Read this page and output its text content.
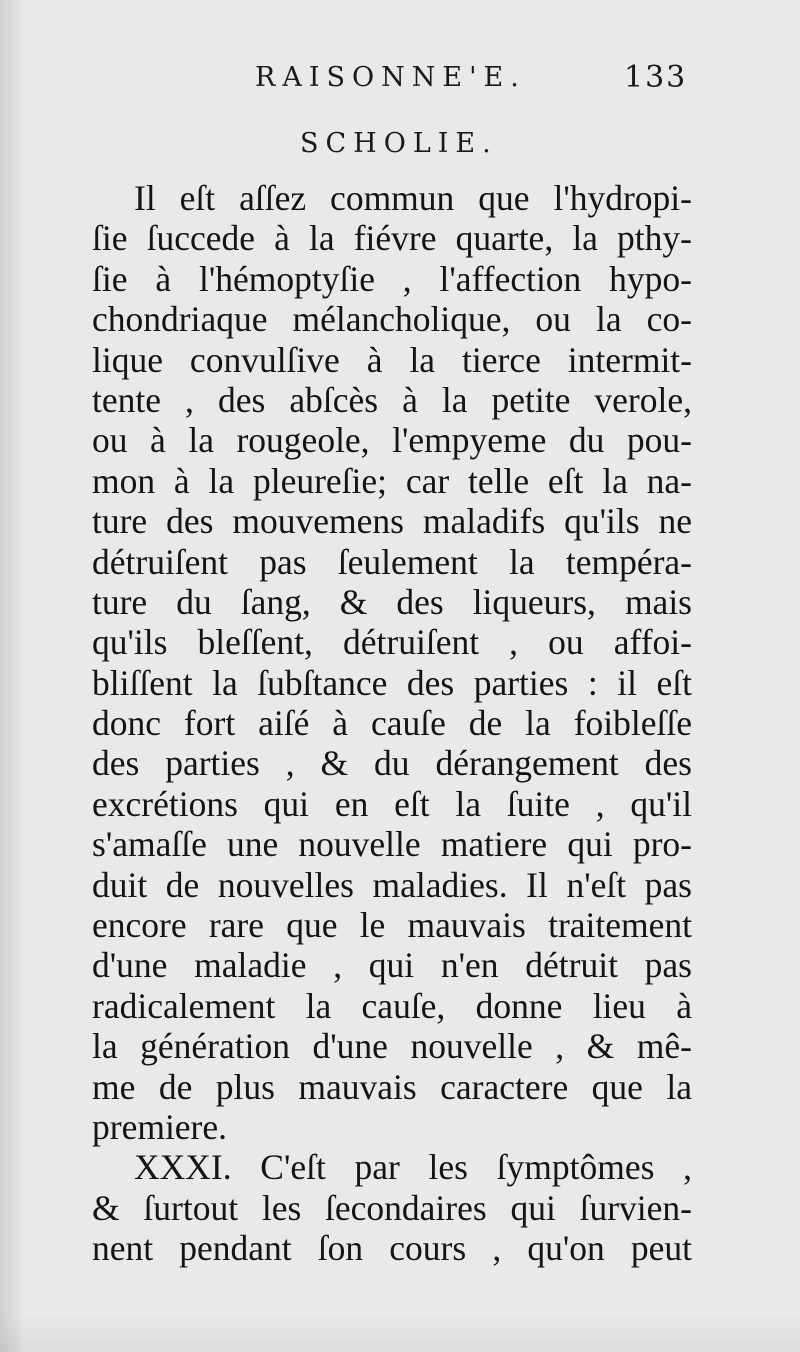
RAISONNE'E.	133
SCHOLIE.
Il eſt aſſez commun que l'hydropi-
ſie ſuccede à la fiévre quarte, la pthy-
ſie à l'hémoptyſie , l'affection hypo-
chondriaque mélancholique, ou la co-
lique convulſive à la tierce intermit-
tente , des abſcès à la petite verole,
ou à la rougeole, l'empyeme du pou-
mon à la pleureſie; car telle eſt la na-
ture des mouvemens maladifs qu'ils ne
détruiſent pas ſeulement la tempéra-
ture du ſang, & des liqueurs, mais
qu'ils bleſſent, détruiſent , ou affoi-
bliſſent la ſubſtance des parties : il eſt
donc fort aiſé à cauſe de la foibleſſe
des parties , & du dérangement des
excrétions qui en eſt la ſuite , qu'il
s'amaſſe une nouvelle matiere qui pro-
duit de nouvelles maladies. Il n'eſt pas
encore rare que le mauvais traitement
d'une maladie , qui n'en détruit pas
radicalement la cauſe, donne lieu à
la génération d'une nouvelle , & mê-
me de plus mauvais caractere que la
premiere.
XXXI. C'eſt par les ſymptômes ,
& ſurtout les ſecondaires qui ſurvien-
nent pendant ſon cours , qu'on peut
